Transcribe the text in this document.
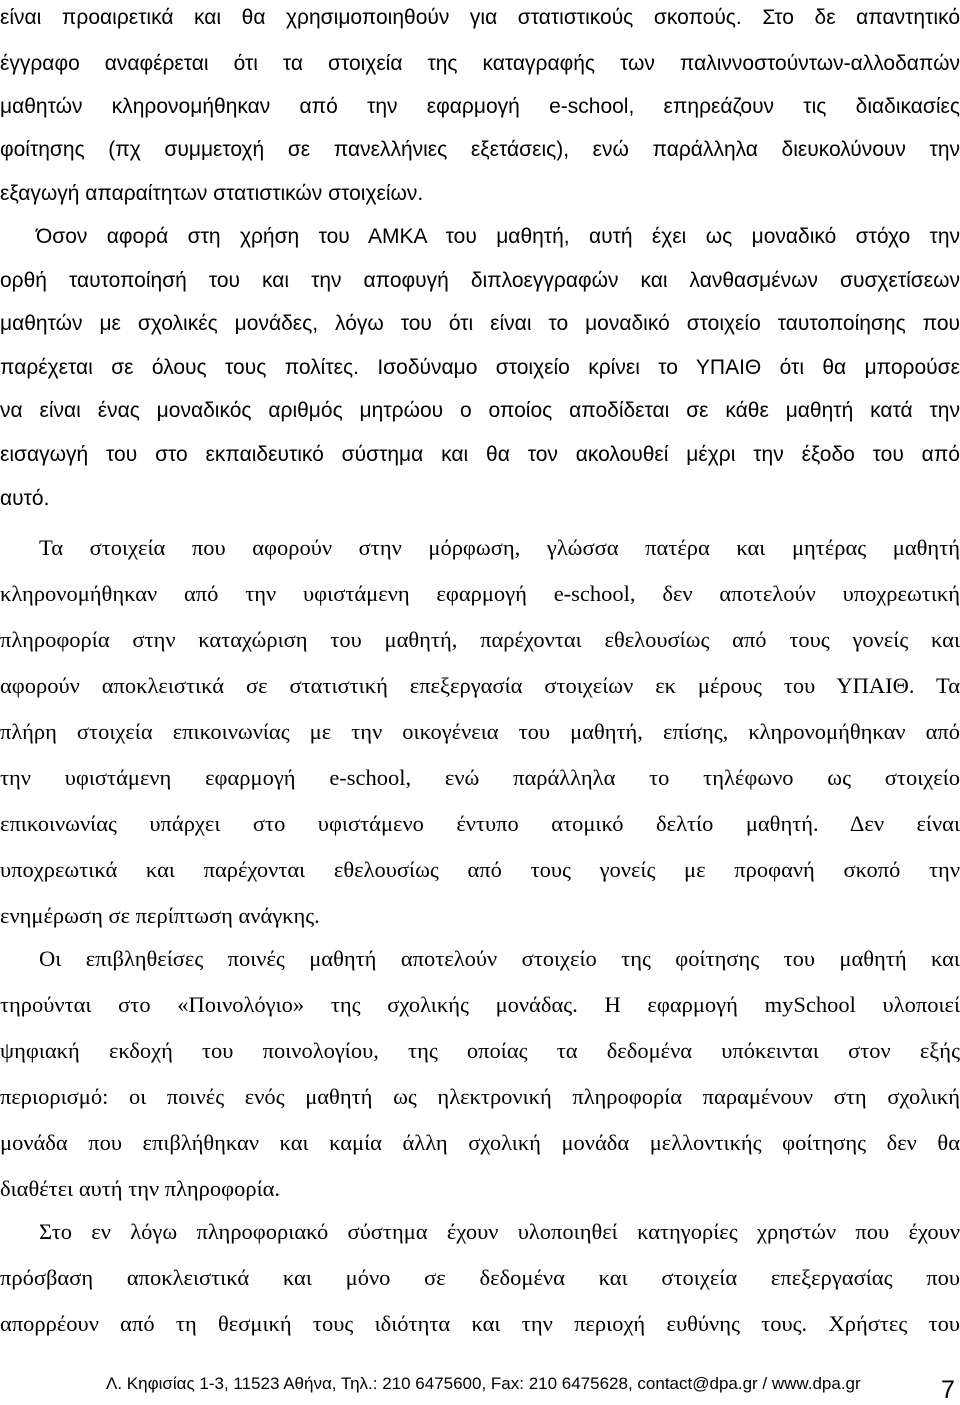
είναι προαιρετικά και θα χρησιμοποιηθούν για στατιστικούς σκοπούς. Στο δε απαντητικό
έγγραφο αναφέρεται ότι τα στοιχεία της καταγραφής των παλιννοστούντων-αλλοδαπών
μαθητών κληρονομήθηκαν από την εφαρμογή e-school, επηρεάζουν τις διαδικασίες
φοίτησης (πχ συμμετοχή σε πανελλήνιες εξετάσεις), ενώ παράλληλα διευκολύνουν την
εξαγωγή απαραίτητων στατιστικών στοιχείων.
Όσον αφορά στη χρήση του ΑΜΚΑ του μαθητή, αυτή έχει ως μοναδικό στόχο την
ορθή ταυτοποίησή του και την αποφυγή διπλοεγγραφών και λανθασμένων συσχετίσεων
μαθητών με σχολικές μονάδες, λόγω του ότι είναι το μοναδικό στοιχείο ταυτοποίησης που
παρέχεται σε όλους τους πολίτες. Ισοδύναμο στοιχείο κρίνει το ΥΠΑΙΘ ότι θα μπορούσε
να είναι ένας μοναδικός αριθμός μητρώου ο οποίος αποδίδεται σε κάθε μαθητή κατά την
εισαγωγή του στο εκπαιδευτικό σύστημα και θα τον ακολουθεί μέχρι την έξοδο του από
αυτό.
Τα στοιχεία που αφορούν στην μόρφωση, γλώσσα πατέρα και μητέρας μαθητή
κληρονομήθηκαν από την υφιστάμενη εφαρμογή e-school, δεν αποτελούν υποχρεωτική
πληροφορία στην καταχώριση του μαθητή, παρέχονται εθελουσίως από τους γονείς και
αφορούν αποκλειστικά σε στατιστική επεξεργασία στοιχείων εκ μέρους του ΥΠΑΙΘ. Τα
πλήρη στοιχεία επικοινωνίας με την οικογένεια του μαθητή, επίσης, κληρονομήθηκαν από
την υφιστάμενη εφαρμογή e-school, ενώ παράλληλα το τηλέφωνο ως στοιχείο
επικοινωνίας υπάρχει στο υφιστάμενο έντυπο ατομικό δελτίο μαθητή. Δεν είναι
υποχρεωτικά και παρέχονται εθελουσίως από τους γονείς με προφανή σκοπό την
ενημέρωση σε περίπτωση ανάγκης.
Οι επιβληθείσες ποινές μαθητή αποτελούν στοιχείο της φοίτησης του μαθητή και
τηρούνται στο «Ποινολόγιο» της σχολικής μονάδας. Η εφαρμογή mySchool υλοποιεί
ψηφιακή εκδοχή του ποινολογίου, της οποίας τα δεδομένα υπόκεινται στον εξής
περιορισμό: οι ποινές ενός μαθητή ως ηλεκτρονική πληροφορία παραμένουν στη σχολική
μονάδα που επιβλήθηκαν και καμία άλλη σχολική μονάδα μελλοντικής φοίτησης δεν θα
διαθέτει αυτή την πληροφορία.
Στο εν λόγω πληροφοριακό σύστημα έχουν υλοποιηθεί κατηγορίες χρηστών που έχουν
πρόσβαση αποκλειστικά και μόνο σε δεδομένα και στοιχεία επεξεργασίας που
απορρέουν από τη θεσμική τους ιδιότητα και την περιοχή ευθύνης τους. Χρήστες του
Λ. Κηφισίας 1-3, 11523 Αθήνα, Τηλ.: 210 6475600, Fax: 210 6475628, contact@dpa.gr / www.dpa.gr	7
